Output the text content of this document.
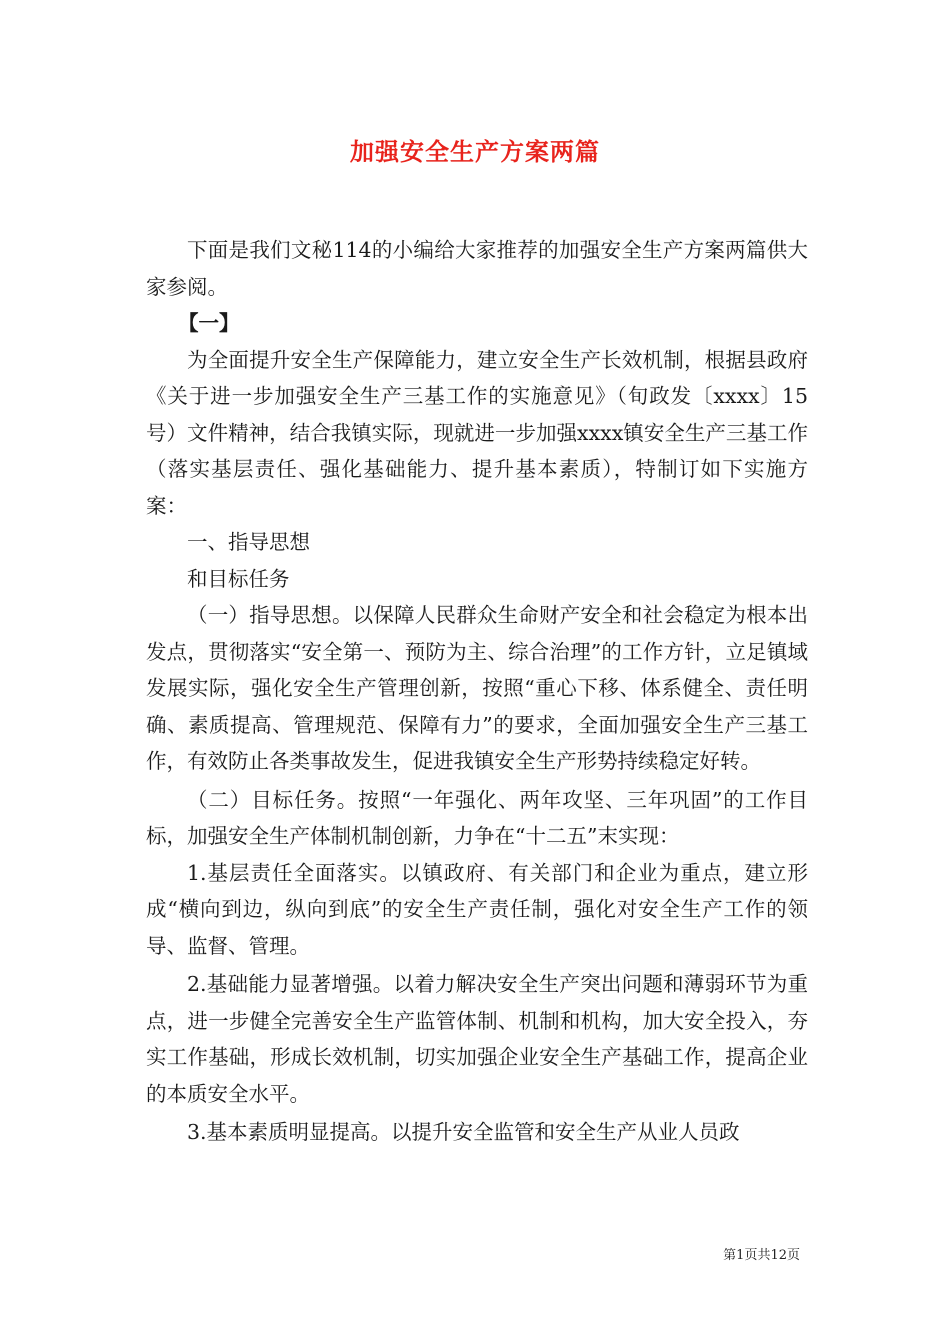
加强安全生产方案两篇

下面是我们文秘114的小编给大家推荐的加强安全生产方案两篇供大家参阅。

【一】

为全面提升安全生产保障能力，建立安全生产长效机制，根据县政府《关于进一步加强安全生产三基工作的实施意见》（旬政发〔xxxx〕15号）文件精神，结合我镇实际，现就进一步加强xxxx镇安全生产三基工作（落实基层责任、强化基础能力、提升基本素质），特制订如下实施方案：

一、指导思想

和目标任务

（一）指导思想。以保障人民群众生命财产安全和社会稳定为根本出发点，贯彻落实“安全第一、预防为主、综合治理”的工作方针，立足镇域发展实际，强化安全生产管理创新，按照“重心下移、体系健全、责任明确、素质提高、管理规范、保障有力”的要求，全面加强安全生产三基工作，有效防止各类事故发生，促进我镇安全生产形势持续稳定好转。

（二）目标任务。按照“一年强化、两年攻坚、三年巩固”的工作目标，加强安全生产体制机制创新，力争在“十二五”末实现：

1.基层责任全面落实。以镇政府、有关部门和企业为重点，建立形成“横向到边，纵向到底”的安全生产责任制，强化对安全生产工作的领导、监督、管理。

2.基础能力显著增强。以着力解决安全生产突出问题和薄弱环节为重点，进一步健全完善安全生产监管体制、机制和机构，加大安全投入，夯实工作基础，形成长效机制，切实加强企业安全生产基础工作，提高企业的本质安全水平。

3.基本素质明显提高。以提升安全监管和安全生产从业人员政

第1页共12页
